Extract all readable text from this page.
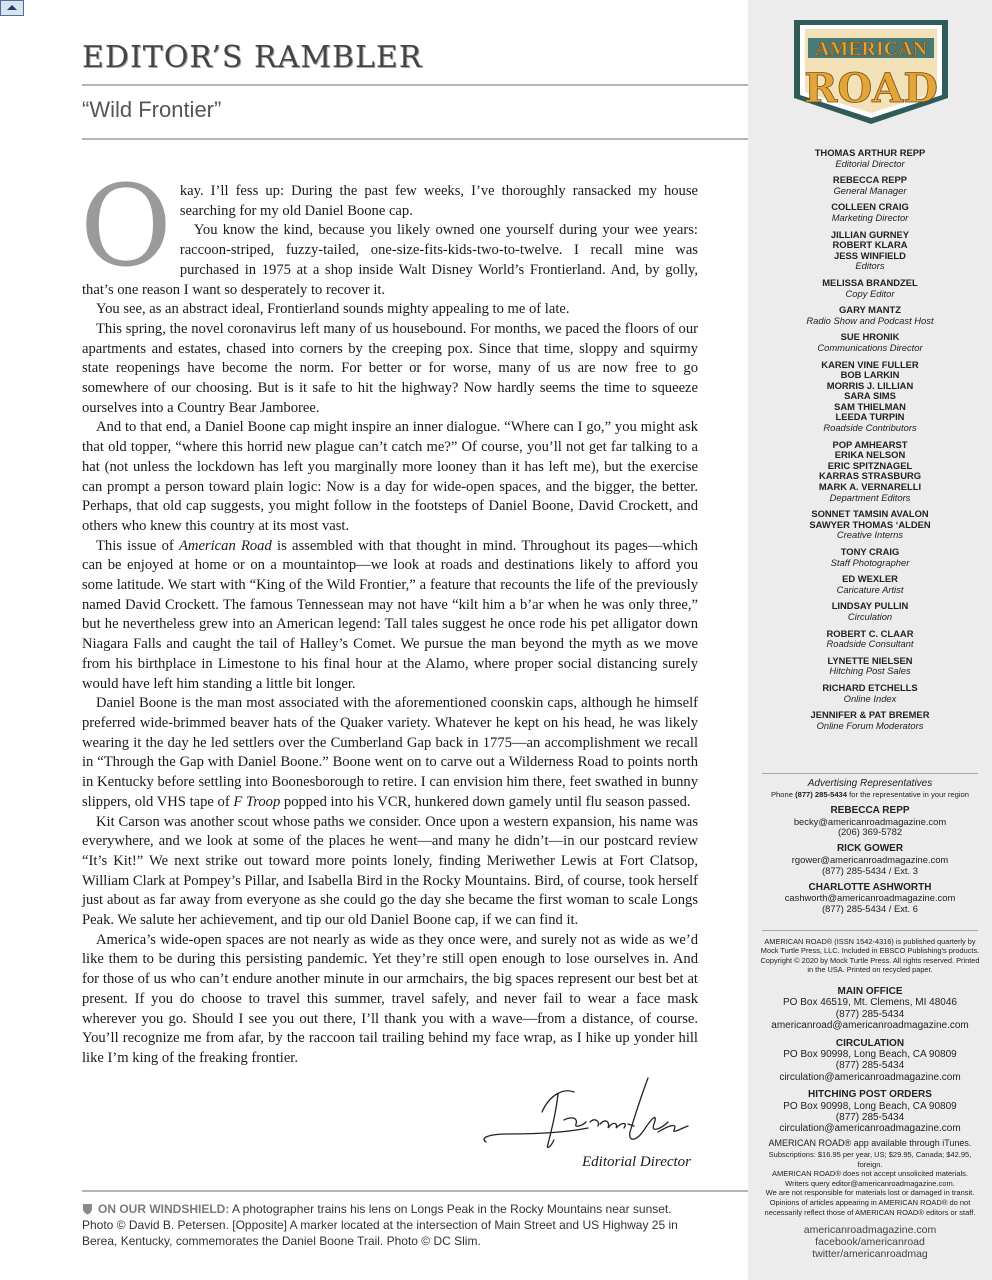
EDITOR’S RAMBLER
“Wild Frontier”

Okay. I’ll fess up: During the past few weeks, I’ve thoroughly ransacked my house searching for my old Daniel Boone cap.

You know the kind, because you likely owned one yourself during your wee years: raccoon-striped, fuzzy-tailed, one-size-fits-kids-two-to-twelve. I recall mine was purchased in 1975 at a shop inside Walt Disney World’s Frontierland. And, by golly, that’s one reason I want so desperately to recover it.

You see, as an abstract ideal, Frontierland sounds mighty appealing to me of late.

This spring, the novel coronavirus left many of us housebound. For months, we paced the floors of our apartments and estates, chased into corners by the creeping pox. Since that time, sloppy and squirmy state reopenings have become the norm. For better or for worse, many of us are now free to go somewhere of our choosing. But is it safe to hit the highway? Now hardly seems the time to squeeze ourselves into a Country Bear Jamboree.

And to that end, a Daniel Boone cap might inspire an inner dialogue. “Where can I go,” you might ask that old topper, “where this horrid new plague can’t catch me?” Of course, you’ll not get far talking to a hat (not unless the lockdown has left you marginally more looney than it has left me), but the exercise can prompt a person toward plain logic: Now is a day for wide-open spaces, and the bigger, the better. Perhaps, that old cap suggests, you might follow in the footsteps of Daniel Boone, David Crockett, and others who knew this country at its most vast.

This issue of American Road is assembled with that thought in mind. Throughout its pages—which can be enjoyed at home or on a mountaintop—we look at roads and destinations likely to afford you some latitude. We start with “King of the Wild Frontier,” a feature that recounts the life of the previously named David Crockett. The famous Tennessean may not have “kilt him a b’ar when he was only three,” but he nevertheless grew into an American legend: Tall tales suggest he once rode his pet alligator down Niagara Falls and caught the tail of Halley’s Comet. We pursue the man beyond the myth as we move from his birthplace in Limestone to his final hour at the Alamo, where proper social distancing surely would have left him standing a little bit longer.

Daniel Boone is the man most associated with the aforementioned coonskin caps, although he himself preferred wide-brimmed beaver hats of the Quaker variety. Whatever he kept on his head, he was likely wearing it the day he led settlers over the Cumberland Gap back in 1775—an accomplishment we recall in “Through the Gap with Daniel Boone.” Boone went on to carve out a Wilderness Road to points north in Kentucky before settling into Boonesborough to retire. I can envision him there, feet swathed in bunny slippers, old VHS tape of F Troop popped into his VCR, hunkered down gamely until flu season passed.

Kit Carson was another scout whose paths we consider. Once upon a western expansion, his name was everywhere, and we look at some of the places he went—and many he didn’t—in our postcard review “It’s Kit!” We next strike out toward more points lonely, finding Meriwether Lewis at Fort Clatsop, William Clark at Pompey’s Pillar, and Isabella Bird in the Rocky Mountains. Bird, of course, took herself just about as far away from everyone as she could go the day she became the first woman to scale Longs Peak. We salute her achievement, and tip our old Daniel Boone cap, if we can find it.

America’s wide-open spaces are not nearly as wide as they once were, and surely not as wide as we’d like them to be during this persisting pandemic. Yet they’re still open enough to lose ourselves in. And for those of us who can’t endure another minute in our armchairs, the big spaces represent our best bet at present. If you do choose to travel this summer, travel safely, and never fail to wear a face mask wherever you go. Should I see you out there, I’ll thank you with a wave—from a distance, of course. You’ll recognize me from afar, by the raccoon tail trailing behind my face wrap, as I hike up yonder hill like I’m king of the freaking frontier.

Editorial Director
ON OUR WINDSHIELD: A photographer trains his lens on Longs Peak in the Rocky Mountains near sunset. Photo © David B. Petersen. [Opposite] A marker located at the intersection of Main Street and US Highway 25 in Berea, Kentucky, commemorates the Daniel Boone Trail. Photo © DC Slim.
AMERICAN
ROAD
THOMAS ARTHUR REPP
Editorial Director
REBECCA REPP
General Manager
COLLEEN CRAIG
Marketing Director
JILLIAN GURNEY
ROBERT KLARA
JESS WINFIELD
Editors
MELISSA BRANDZEL
Copy Editor
GARY MANTZ
Radio Show and Podcast Host
SUE HRONIK
Communications Director
KAREN VINE FULLER
BOB LARKIN
MORRIS J. LILLIAN
SARA SIMS
SAM THIELMAN
LEEDA TURPIN
Roadside Contributors
POP AMHEARST
ERIKA NELSON
ERIC SPITZNAGEL
KARRAS STRASBURG
MARK A. VERNARELLI
Department Editors
SONNET TAMSIN AVALON
SAWYER THOMAS ‘ALDEN
Creative Interns
TONY CRAIG
Staff Photographer
ED WEXLER
Caricature Artist
LINDSAY PULLIN
Circulation
ROBERT C. CLAAR
Roadside Consultant
LYNETTE NIELSEN
Hitching Post Sales
RICHARD ETCHELLS
Online Index
JENNIFER & PAT BREMER
Online Forum Moderators
Advertising Representatives
Phone (877) 285-5434 for the representative in your region
REBECCA REPP
becky@americanroadmagazine.com
(206) 369-5782
RICK GOWER
rgower@americanroadmagazine.com
(877) 285-5434 / Ext. 3
CHARLOTTE ASHWORTH
cashworth@americanroadmagazine.com
(877) 285-5434 / Ext. 6
AMERICAN ROAD® (ISSN 1542-4316) is published quarterly by Mock Turtle Press, LLC. Included in EBSCO Publishing’s products. Copyright © 2020 by Mock Turtle Press. All rights reserved. Printed in the USA. Printed on recycled paper.
MAIN OFFICE
PO Box 46519, Mt. Clemens, MI 48046
(877) 285-5434
americanroad@americanroadmagazine.com
CIRCULATION
PO Box 90998, Long Beach, CA 90809
(877) 285-5434
circulation@americanroadmagazine.com
HITCHING POST ORDERS
PO Box 90998, Long Beach, CA 90809
(877) 285-5434
circulation@americanroadmagazine.com
AMERICAN ROAD® app available through iTunes.
Subscriptions: $16.95 per year, US; $29.95, Canada; $42.95, foreign.
AMERICAN ROAD® does not accept unsolicited materials.
Writers query editor@americanroadmagazine.com.
We are not responsible for materials lost or damaged in transit.
Opinions of articles appearing in AMERICAN ROAD® do not
necessarily reflect those of AMERICAN ROAD® editors or staff.
americanroadmagazine.com
facebook/americanroad
twitter/americanroadmag
